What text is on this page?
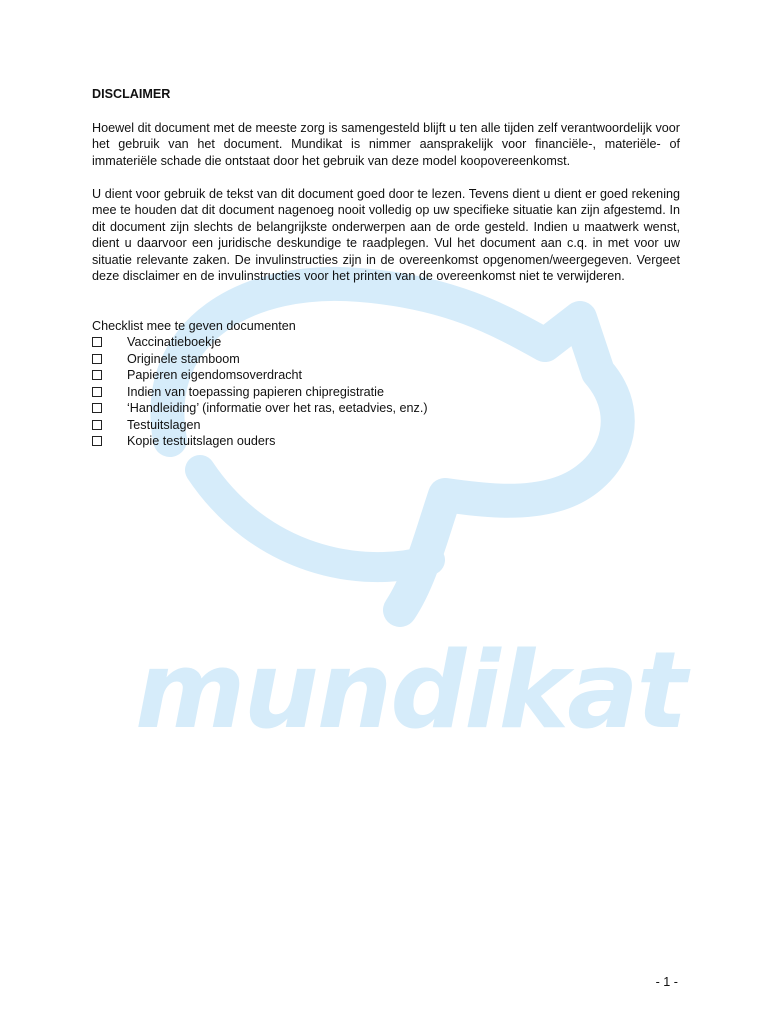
mundikat
DISCLAIMER

Hoewel dit document met de meeste zorg is samengesteld blijft u ten alle tijden zelf verantwoordelijk voor het gebruik van het document. Mundikat is nimmer aansprakelijk voor financiële-, materiële- of immateriële schade die ontstaat door het gebruik van deze model koopovereenkomst.

U dient voor gebruik de tekst van dit document goed door te lezen. Tevens dient u dient er goed rekening mee te houden dat dit document nagenoeg nooit volledig op uw specifieke situatie kan zijn afgestemd. In dit document zijn slechts de belangrijkste onderwerpen aan de orde gesteld. Indien u maatwerk wenst, dient u daarvoor een juridische deskundige te raadplegen. Vul het document aan c.q. in met voor uw situatie relevante zaken. De invulinstructies zijn in de overeenkomst opgenomen/weergegeven. Vergeet deze disclaimer en de invulinstructies voor het printen van de overeenkomst niet te verwijderen.

Checklist mee te geven documenten
Vaccinatieboekje
Originele stamboom
Papieren eigendomsoverdracht
Indien van toepassing papieren chipregistratie
‘Handleiding’ (informatie over het ras, eetadvies, enz.)
Testuitslagen
Kopie testuitslagen ouders
- 1 -
